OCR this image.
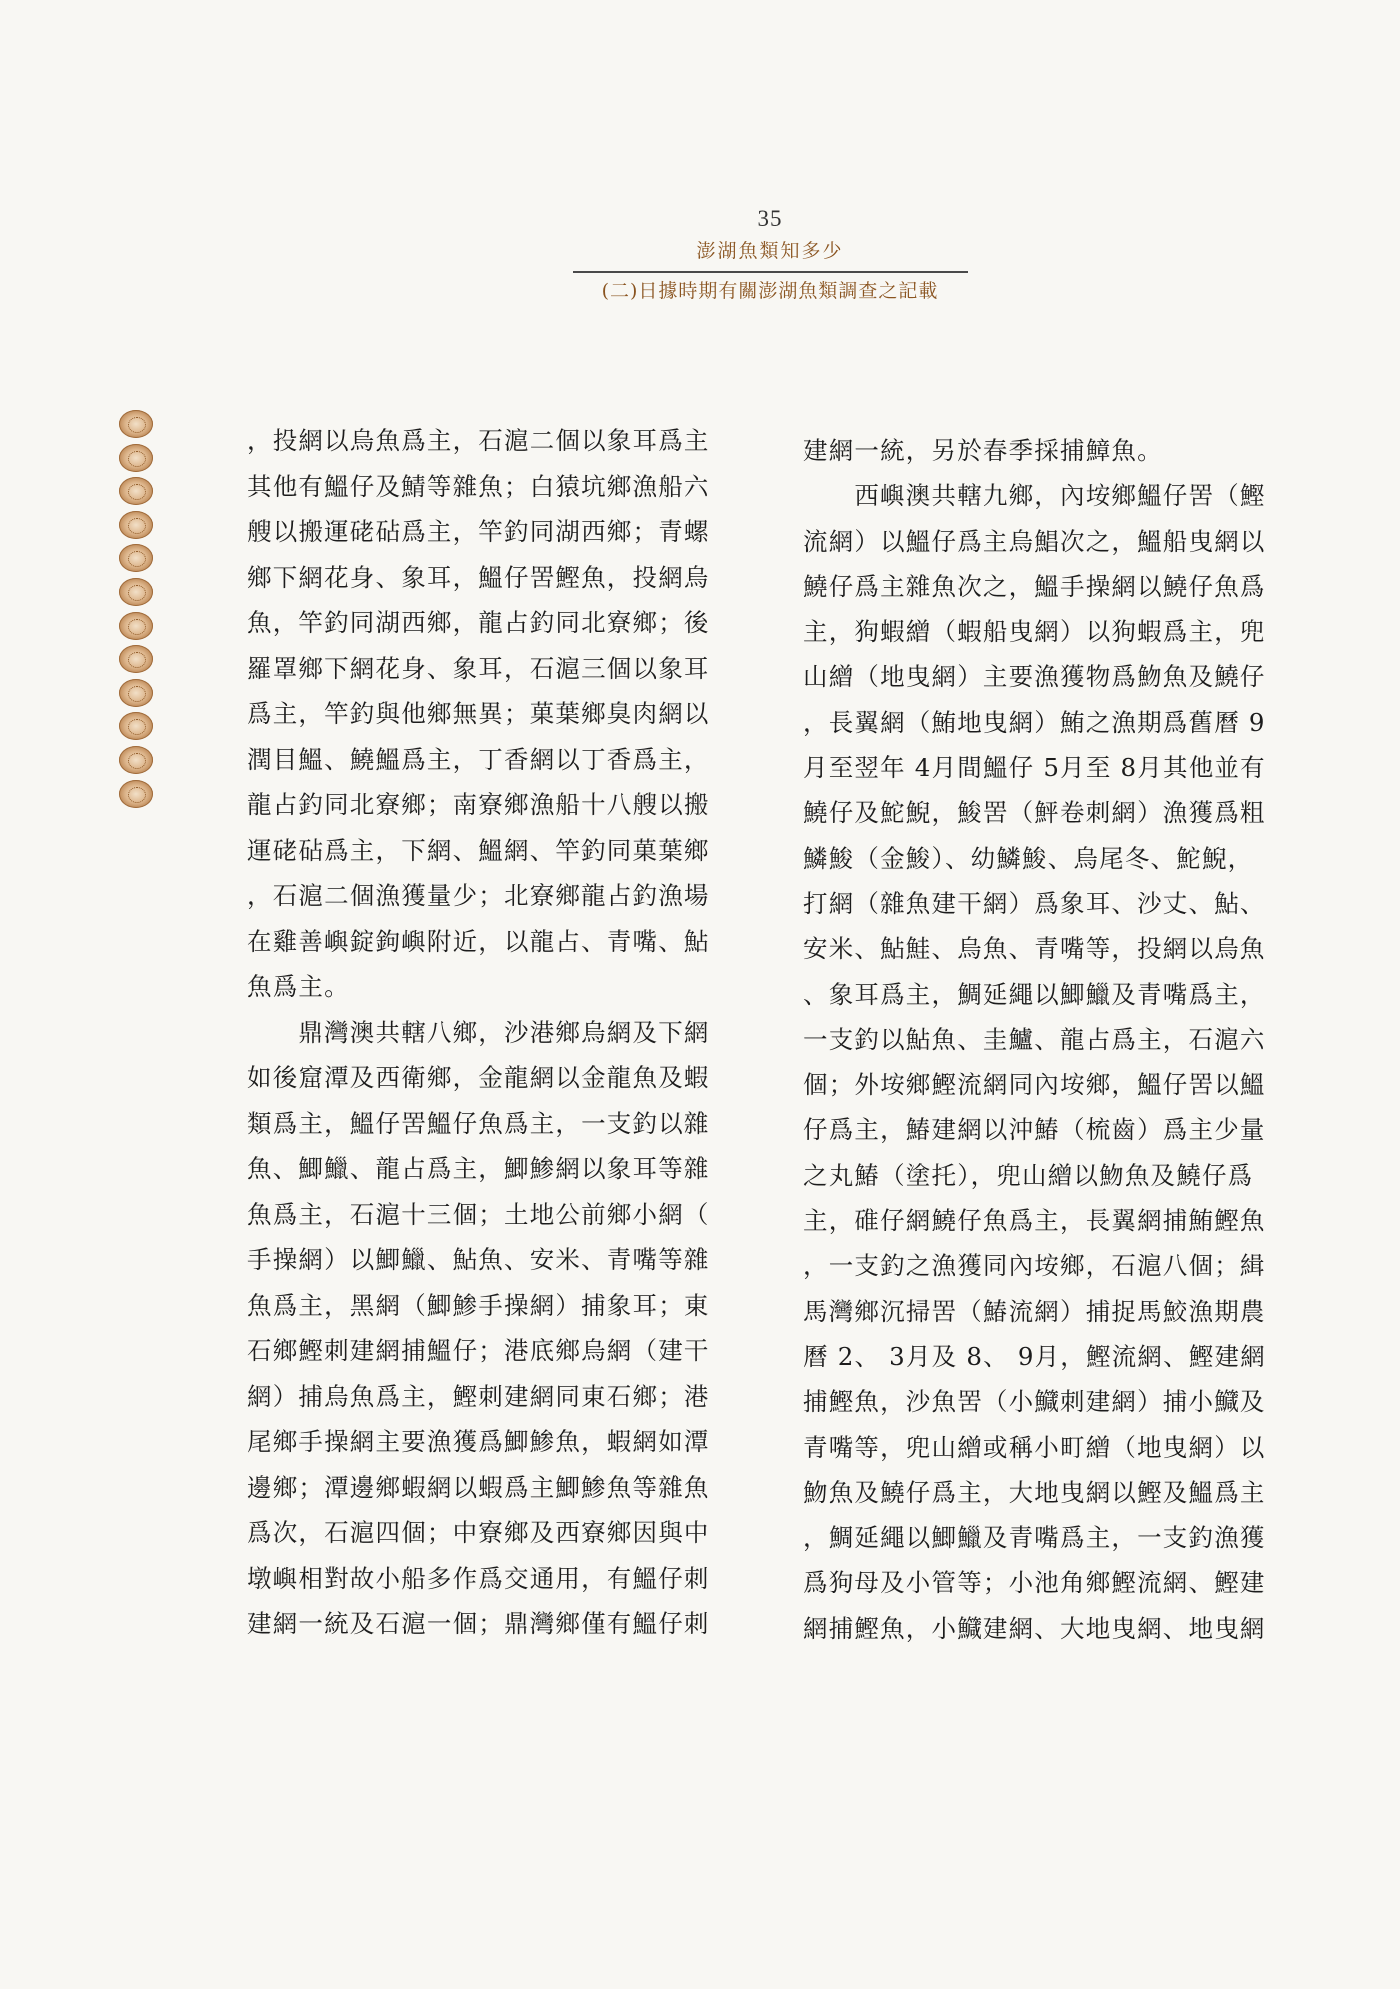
35
澎湖魚類知多少
(二)日據時期有關澎湖魚類調查之記載
，投網以烏魚爲主，石滬二個以象耳爲主
其他有鰮仔及鯖等雜魚；白猿坑鄉漁船六
艘以搬運硓砧爲主，竿釣同湖西鄉；青螺
鄉下網花身、象耳，鰮仔罟鰹魚，投網烏
魚，竿釣同湖西鄉，龍占釣同北寮鄉；後
羅罩鄉下網花身、象耳，石滬三個以象耳
爲主，竿釣與他鄉無異；菓葉鄉臭肉網以
潤目鰮、鱙鰮爲主，丁香網以丁香爲主，
龍占釣同北寮鄉；南寮鄉漁船十八艘以搬
運硓砧爲主，下網、鰮網、竿釣同菓葉鄉
，石滬二個漁獲量少；北寮鄉龍占釣漁場
在雞善嶼錠鉤嶼附近，以龍占、青嘴、鮎
魚爲主。
　　鼎灣澳共轄八鄉，沙港鄉烏網及下網
如後窟潭及西衛鄉，金龍網以金龍魚及蝦
類爲主，鰮仔罟鰮仔魚爲主，一支釣以雜
魚、鯽鱲、龍占爲主，鯽鯵網以象耳等雜
魚爲主，石滬十三個；土地公前鄉小網（
手操網）以鯽鱲、鮎魚、安米、青嘴等雜
魚爲主，黑網（鯽鯵手操網）捕象耳；東
石鄉鰹刺建網捕鰮仔；港底鄉烏網（建干
網）捕烏魚爲主，鰹刺建網同東石鄉；港
尾鄉手操網主要漁獲爲鯽鯵魚，蝦網如潭
邊鄉；潭邊鄉蝦網以蝦爲主鯽鯵魚等雜魚
爲次，石滬四個；中寮鄉及西寮鄉因與中
墩嶼相對故小船多作爲交通用，有鰮仔刺
建網一統及石滬一個；鼎灣鄉僅有鰮仔刺
建網一統，另於春季採捕鱆魚。
　　西嶼澳共轄九鄉，內垵鄉鰮仔罟（鰹
流網）以鰮仔爲主烏鯧次之，鰮船曳網以
鱙仔爲主雜魚次之，鰮手操網以鱙仔魚爲
主，狗蝦繒（蝦船曳網）以狗蝦爲主，兜
山繒（地曳網）主要漁獲物爲魩魚及鱙仔
，長翼網（鮪地曳網）鮪之漁期爲舊曆 9
月至翌年 4月間鰮仔 5月至 8月其他並有
鱙仔及鮀鯢，鮻罟（鮃卷刺網）漁獲爲粗
鱗鮻（金鮻）、幼鱗鮻、烏尾冬、鮀鯢，
打網（雜魚建干網）爲象耳、沙丈、鮎、
安米、鮎鮭、烏魚、青嘴等，投網以烏魚
、象耳爲主，鯛延繩以鯽鱲及青嘴爲主，
一支釣以鮎魚、圭鱸、龍占爲主，石滬六
個；外垵鄉鰹流網同內垵鄉，鰮仔罟以鰮
仔爲主，鰆建網以沖鰆（梳齒）爲主少量
之丸鰆（塗托），兜山繒以魩魚及鱙仔爲
主，碓仔網鱙仔魚爲主，長翼網捕鮪鰹魚
，一支釣之漁獲同內垵鄉，石滬八個；緝
馬灣鄉沉掃罟（鰆流網）捕捉馬鮫漁期農
曆 2、 3月及 8、 9月，鰹流網、鰹建網
捕鰹魚，沙魚罟（小鱵刺建網）捕小鱵及
青嘴等，兜山繒或稱小町繒（地曳網）以
魩魚及鱙仔爲主，大地曳網以鰹及鰮爲主
，鯛延繩以鯽鱲及青嘴爲主，一支釣漁獲
爲狗母及小管等；小池角鄉鰹流網、鰹建
網捕鰹魚，小鱵建網、大地曳網、地曳網
